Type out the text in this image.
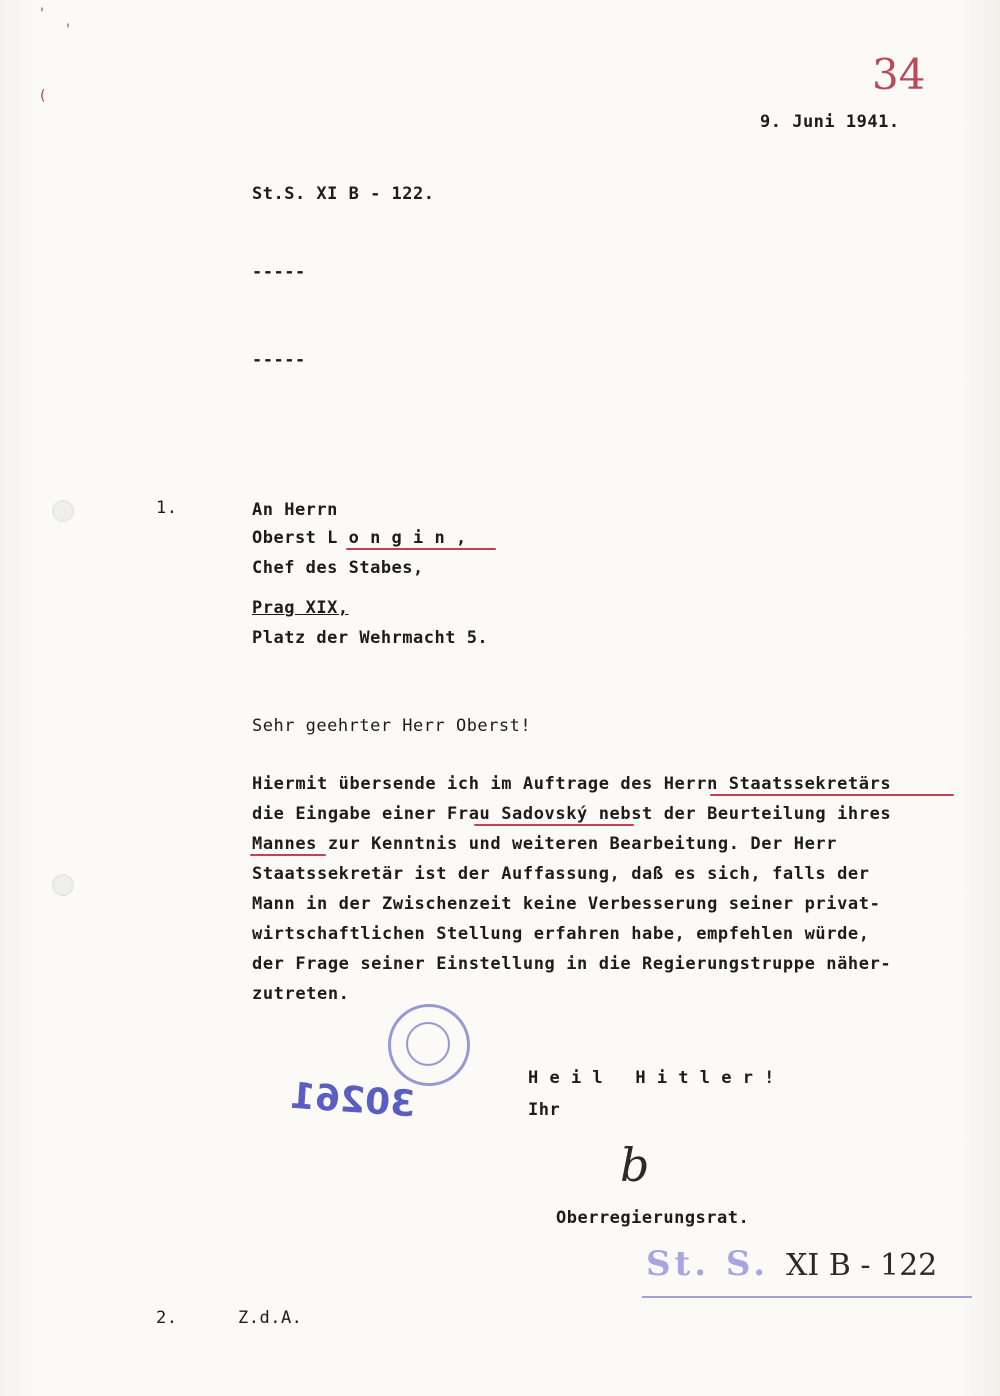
'
'
(	34
9. Juni 1941.
St.S. XI B - 122.
-----
-----
1.	An Herrn
Oberst L o n g i n ,
Chef des Stabes,
Prag XIX,
Platz der Wehrmacht 5.
Sehr geehrter Herr Oberst!
Hiermit übersende ich im Auftrage des Herrn Staatssekretärs
die Eingabe einer Frau Sadovský nebst der Beurteilung ihres
Mannes zur Kenntnis und weiteren Bearbeitung. Der Herr
Staatssekretär ist der Auffassung, daß es sich, falls der
Mann in der Zwischenzeit keine Verbesserung seiner privat-
wirtschaftlichen Stellung erfahren habe, empfehlen würde,
der Frage seiner Einstellung in die Regierungstruppe näher-
zutreten.
30261	H e i l   H i t l e r !
Ihr
b
Oberregierungsrat.
St. S. XI B - 122
2.	Z.d.A.
